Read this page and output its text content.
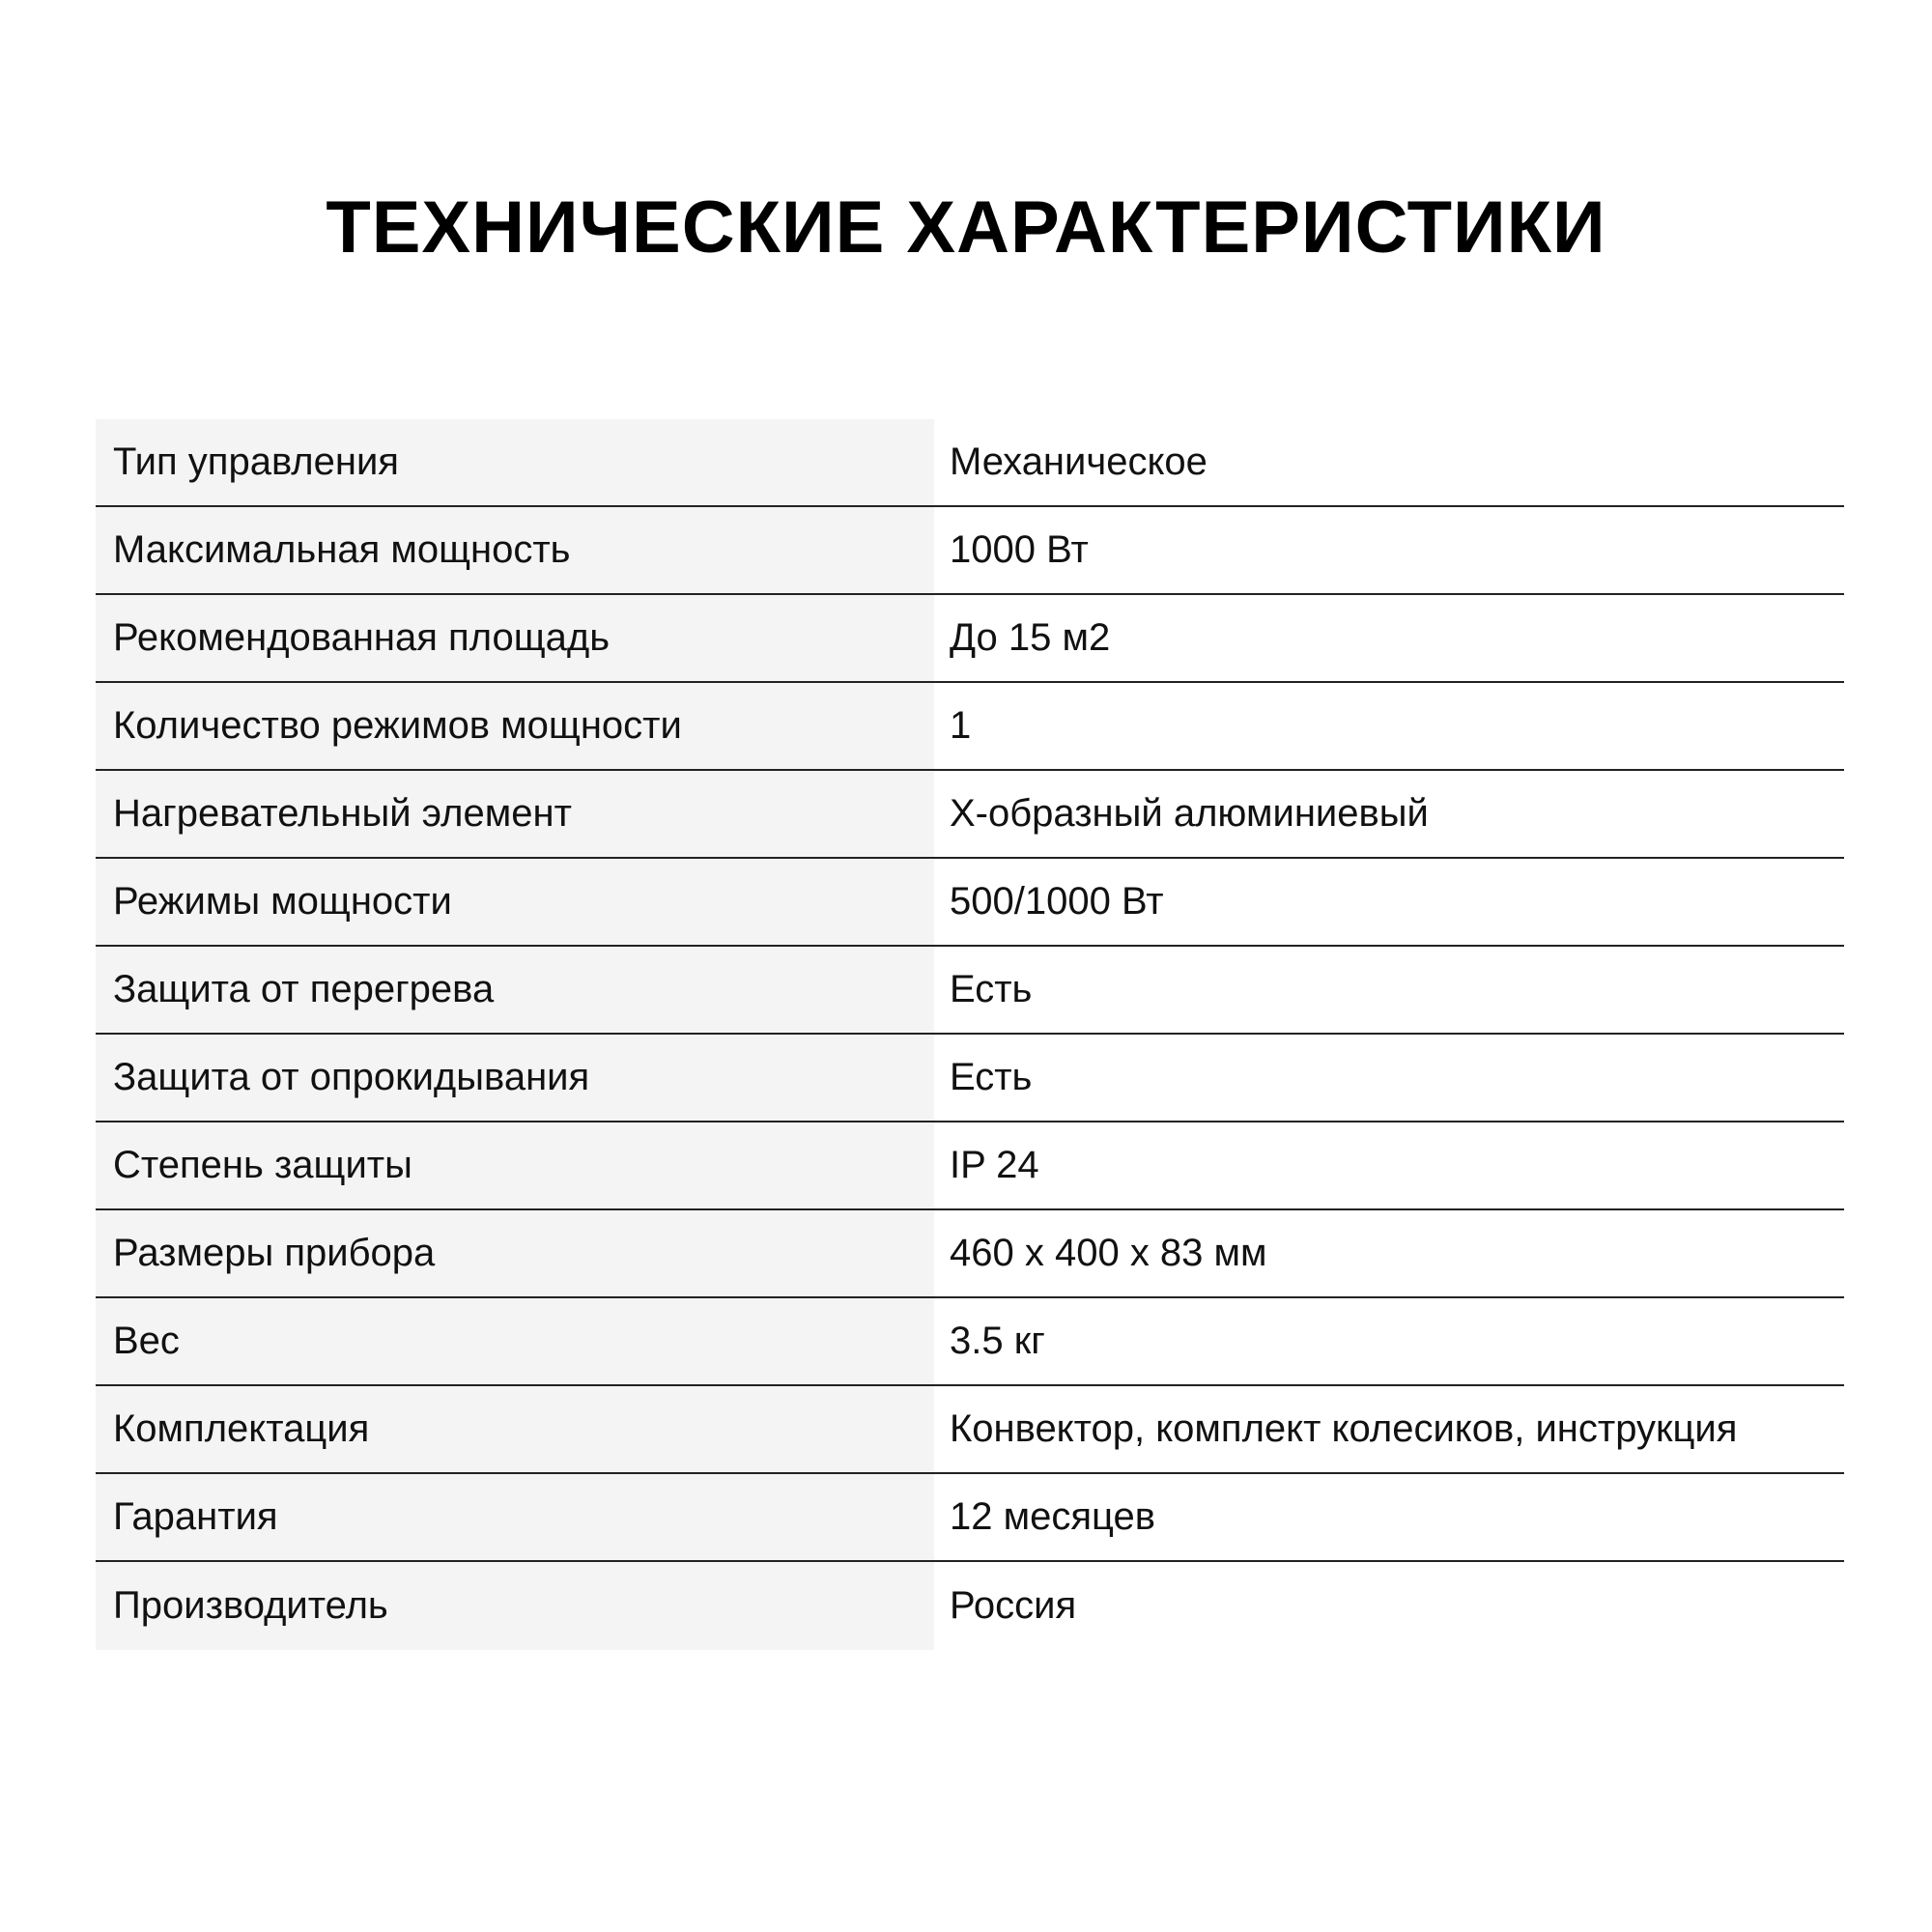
ТЕХНИЧЕСКИЕ ХАРАКТЕРИСТИКИ
Тип управления	Механическое
Максимальная мощность	1000 Вт
Рекомендованная площадь	До 15 м2
Количество режимов мощности	1
Нагревательный элемент	Х-образный алюминиевый
Режимы мощности	500/1000 Вт
Защита от перегрева	Есть
Защита от опрокидывания	Есть
Степень защиты	IP 24
Размеры прибора	460 х 400 х 83 мм
Вес	3.5 кг
Комплектация	Конвектор, комплект колесиков, инструкция
Гарантия	12 месяцев
Производитель	Россия
